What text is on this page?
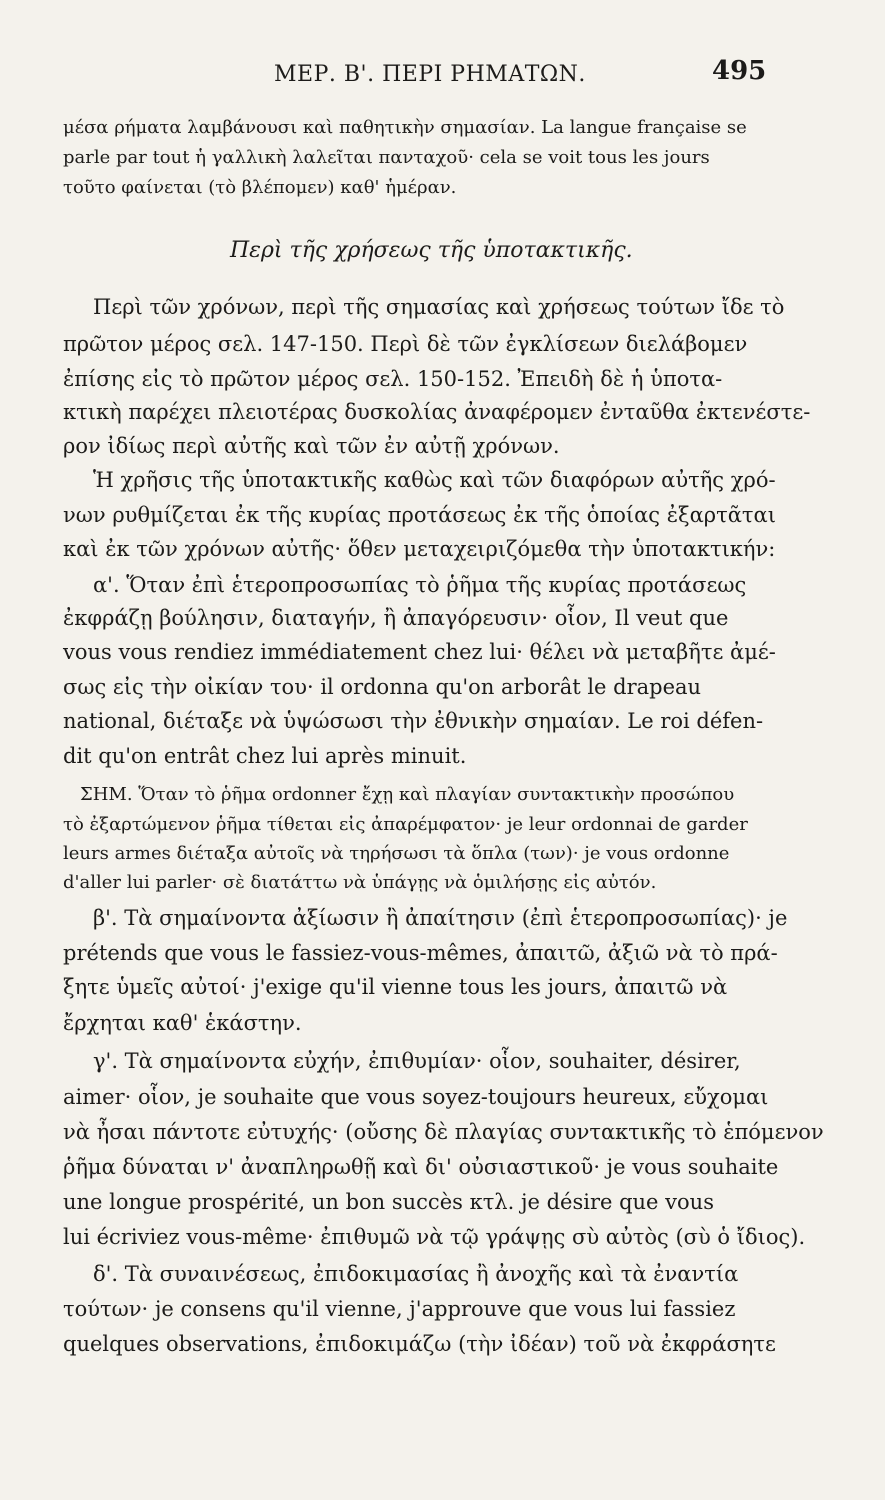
ΜΕΡ. Β'. ΠΕΡΙ ΡΗΜΑΤΩΝ.	495

μέσα ρήματα λαμβάνουσι καὶ παθητικὴν σημασίαν. La langue française se

parle par tout ἡ γαλλικὴ λαλεῖται πανταχοῦ· cela se voit tous les jours

τοῦτο φαίνεται (τὸ βλέπομεν) καθ' ἡμέραν.

Περὶ τῆς χρήσεως τῆς ὑποτακτικῆς.

Περὶ τῶν χρόνων, περὶ τῆς σημασίας καὶ χρήσεως τούτων ἴδε τὸ

πρῶτον μέρος σελ. 147-150. Περὶ δὲ τῶν ἐγκλίσεων διελάβομεν

ἐπίσης εἰς τὸ πρῶτον μέρος σελ. 150-152. Ἐπειδὴ δὲ ἡ ὑποτα-

κτικὴ παρέχει πλειοτέρας δυσκολίας ἀναφέρομεν ἐνταῦθα ἐκτενέστε-

ρον ἰδίως περὶ αὐτῆς καὶ τῶν ἐν αὐτῇ χρόνων.

Ἡ χρῆσις τῆς ὑποτακτικῆς καθὼς καὶ τῶν διαφόρων αὐτῆς χρό-

νων ρυθμίζεται ἐκ τῆς κυρίας προτάσεως ἐκ τῆς ὁποίας ἐξαρτᾶται

καὶ ἐκ τῶν χρόνων αὐτῆς· ὅθεν μεταχειριζόμεθα τὴν ὑποτακτικήν:

α'. Ὅταν ἐπὶ ἑτεροπροσωπίας τὸ ῥῆμα τῆς κυρίας προτάσεως

ἐκφράζῃ βούλησιν, διαταγήν, ἢ ἀπαγόρευσιν· οἷον, Il veut que

vous vous rendiez immédiatement chez lui· θέλει νὰ μεταβῆτε ἀμέ-

σως εἰς τὴν οἰκίαν του· il ordonna qu'on arborât le drapeau

national, διέταξε νὰ ὑψώσωσι τὴν ἐθνικὴν σημαίαν. Le roi défen-

dit qu'on entrât chez lui après minuit.

ΣΗΜ. Ὅταν τὸ ῥῆμα ordonner ἔχῃ καὶ πλαγίαν συντακτικὴν προσώπου

τὸ ἐξαρτώμενον ῥῆμα τίθεται εἰς ἀπαρέμφατον· je leur ordonnai de garder

leurs armes διέταξα αὐτοῖς νὰ τηρήσωσι τὰ ὅπλα (των)· je vous ordonne

d'aller lui parler· σὲ διατάττω νὰ ὑπάγῃς νὰ ὁμιλήσῃς εἰς αὐτόν.

β'. Τὰ σημαίνοντα ἀξίωσιν ἢ ἀπαίτησιν (ἐπὶ ἑτεροπροσωπίας)· je

prétends que vous le fassiez-vous-mêmes, ἀπαιτῶ, ἀξιῶ νὰ τὸ πρά-

ξητε ὑμεῖς αὐτοί· j'exige qu'il vienne tous les jours, ἀπαιτῶ νὰ

ἔρχηται καθ' ἑκάστην.

γ'. Τὰ σημαίνοντα εὐχήν, ἐπιθυμίαν· οἷον, souhaiter, désirer,

aimer· οἷον, je souhaite que vous soyez-toujours heureux, εὔχομαι

νὰ ἦσαι πάντοτε εὐτυχής· (οὔσης δὲ πλαγίας συντακτικῆς τὸ ἑπόμενον

ῥῆμα δύναται ν' ἀναπληρωθῇ καὶ δι' οὐσιαστικοῦ· je vous souhaite

une longue prospérité, un bon succès κτλ. je désire que vous

lui écriviez vous-même· ἐπιθυμῶ νὰ τῷ γράψῃς σὺ αὐτὸς (σὺ ὁ ἴδιος).

δ'. Τὰ συναινέσεως, ἐπιδοκιμασίας ἢ ἀνοχῆς καὶ τὰ ἐναντία

τούτων· je consens qu'il vienne, j'approuve que vous lui fassiez

quelques observations, ἐπιδοκιμάζω (τὴν ἰδέαν) τοῦ νὰ ἐκφράσητε
